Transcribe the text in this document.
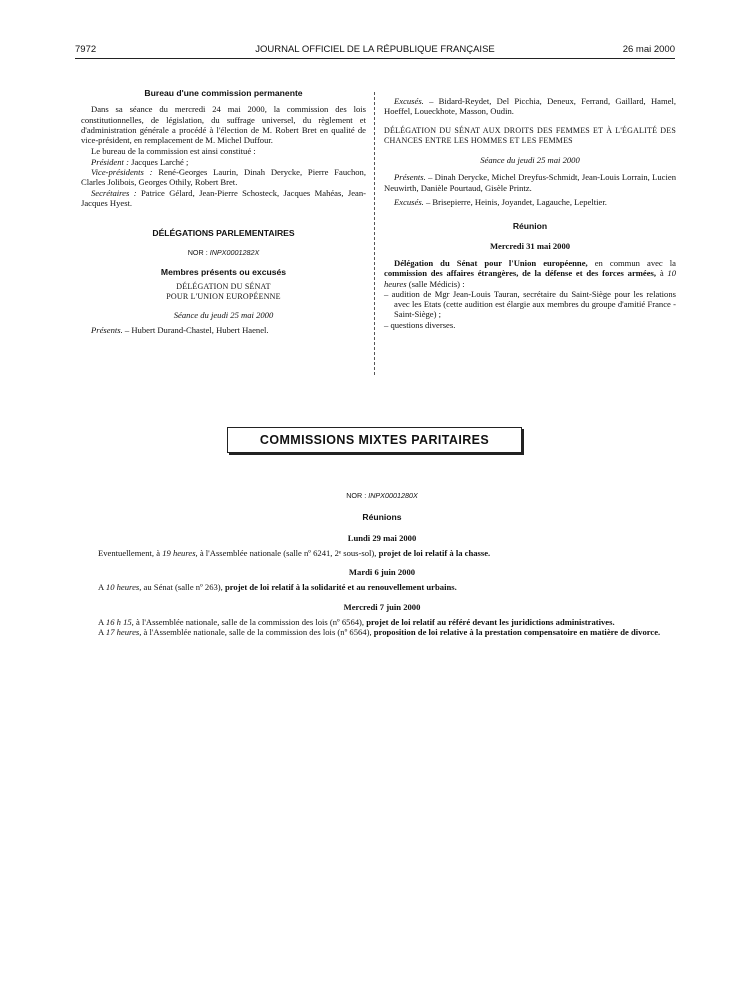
7972	JOURNAL OFFICIEL DE LA RÉPUBLIQUE FRANÇAISE	26 mai 2000
Bureau d'une commission permanente

Dans sa séance du mercredi 24 mai 2000, la commission des lois constitutionnelles, de législation, du suffrage universel, du règlement et d'administration générale a procédé à l'élection de M. Robert Bret en qualité de vice-président, en remplacement de M. Michel Duffour.

Le bureau de la commission est ainsi constitué :

Président : Jacques Larché ;

Vice-présidents : René-Georges Laurin, Dinah Derycke, Pierre Fauchon, Clarles Jolibois, Georges Othily, Robert Bret.

Secrétaires : Patrice Gélard, Jean-Pierre Schosteck, Jacques Mahéas, Jean-Jacques Hyest.

DÉLÉGATIONS PARLEMENTAIRES
NOR : INPX0001282X
Membres présents ou excusés
DÉLÉGATION DU SÉNAT
POUR L'UNION EUROPÉENNE
Séance du jeudi 25 mai 2000

Présents. – Hubert Durand-Chastel, Hubert Haenel.

Excusés. – Bidard-Reydet, Del Picchia, Deneux, Ferrand, Gaillard, Hamel, Hoeffel, Loueckhote, Masson, Oudin.

DÉLÉGATION DU SÉNAT AUX DROITS DES FEMMES ET À L'ÉGALITÉ DES CHANCES ENTRE LES HOMMES ET LES FEMMES

Séance du jeudi 25 mai 2000

Présents. – Dinah Derycke, Michel Dreyfus-Schmidt, Jean-Louis Lorrain, Lucien Neuwirth, Danièle Pourtaud, Gisèle Printz.

Excusés. – Brisepierre, Heinis, Joyandet, Lagauche, Lepeltier.

Réunion
Mercredi 31 mai 2000

Délégation du Sénat pour l'Union européenne, en commun avec la commission des affaires étrangères, de la défense et des forces armées, à 10 heures (salle Médicis) :

– audition de Mgr Jean-Louis Tauran, secrétaire du Saint-Siège pour les relations avec les Etats (cette audition est élargie aux membres du groupe d'amitié France - Saint-Siège) ;

– questions diverses.

COMMISSIONS MIXTES PARITAIRES
NOR : INPX0001280X
Réunions
Lundi 29 mai 2000

Eventuellement, à 19 heures, à l'Assemblée nationale (salle nº 6241, 2ᵉ sous-sol), projet de loi relatif à la chasse.

Mardi 6 juin 2000

A 10 heures, au Sénat (salle nº 263), projet de loi relatif à la solidarité et au renouvellement urbains.

Mercredi 7 juin 2000

A 16 h 15, à l'Assemblée nationale, salle de la commission des lois (nº 6564), projet de loi relatif au référé devant les juridictions administratives.

A 17 heures, à l'Assemblée nationale, salle de la commission des lois (nº 6564), proposition de loi relative à la prestation compensatoire en matière de divorce.
